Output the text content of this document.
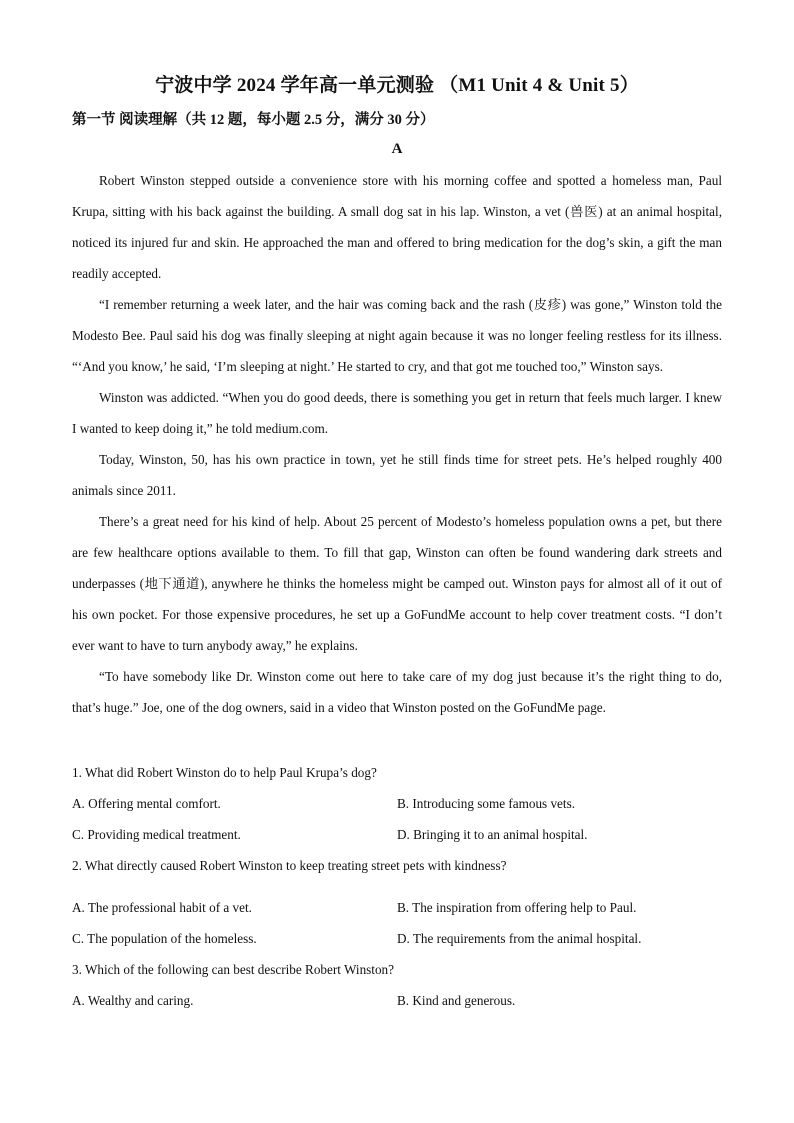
宁波中学 2024 学年高一单元测验 （M1 Unit 4 & Unit 5）
第一节 阅读理解（共 12 题，每小题 2.5 分，满分 30 分）
A

Robert Winston stepped outside a convenience store with his morning coffee and spotted a homeless man, Paul Krupa, sitting with his back against the building. A small dog sat in his lap. Winston, a vet (兽医) at an animal hospital, noticed its injured fur and skin. He approached the man and offered to bring medication for the dog’s skin, a gift the man readily accepted.

“I remember returning a week later, and the hair was coming back and the rash (皮疹) was gone,” Winston told the Modesto Bee. Paul said his dog was finally sleeping at night again because it was no longer feeling restless for its illness. “‘And you know,’ he said, ‘I’m sleeping at night.’ He started to cry, and that got me touched too,” Winston says.

Winston was addicted. “When you do good deeds, there is something you get in return that feels much larger. I knew I wanted to keep doing it,” he told medium.com.

Today, Winston, 50, has his own practice in town, yet he still finds time for street pets. He’s helped roughly 400 animals since 2011.

There’s a great need for his kind of help. About 25 percent of Modesto’s homeless population owns a pet, but there are few healthcare options available to them. To fill that gap, Winston can often be found wandering dark streets and underpasses (地下通道), anywhere he thinks the homeless might be camped out. Winston pays for almost all of it out of his own pocket. For those expensive procedures, he set up a GoFundMe account to help cover treatment costs. “I don’t ever want to have to turn anybody away,” he explains.

“To have somebody like Dr. Winston come out here to take care of my dog just because it’s the right thing to do, that’s huge.” Joe, one of the dog owners, said in a video that Winston posted on the GoFundMe page.

1. What did Robert Winston do to help Paul Krupa’s dog?
A. Offering mental comfort.	B. Introducing some famous vets.
C. Providing medical treatment.	D. Bringing it to an animal hospital.
2. What directly caused Robert Winston to keep treating street pets with kindness?
A. The professional habit of a vet.	B. The inspiration from offering help to Paul.
C. The population of the homeless.	D. The requirements from the animal hospital.
3. Which of the following can best describe Robert Winston?
A. Wealthy and caring.	B. Kind and generous.
